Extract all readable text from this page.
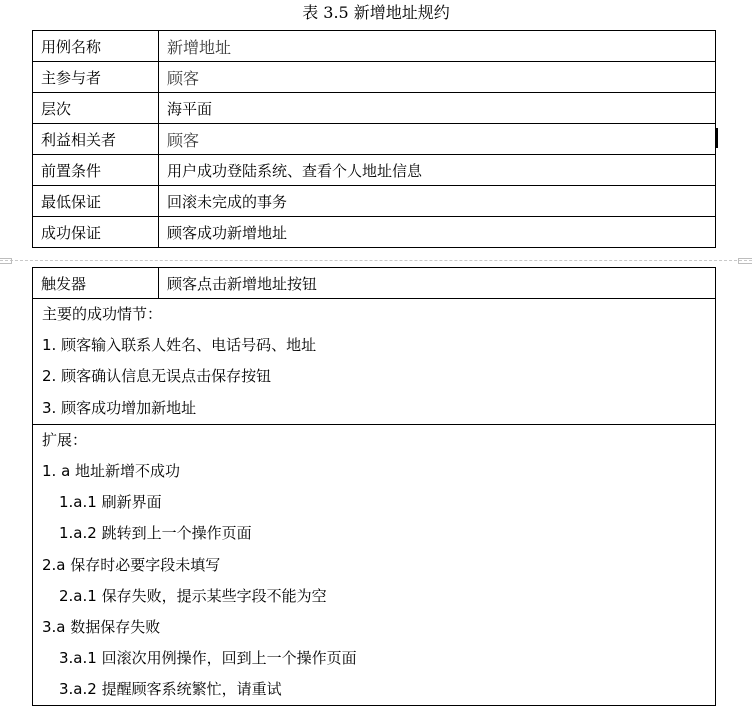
表 3.5 新增地址规约
用例名称	新增地址
主参与者	顾客
层次	海平面
利益相关者	顾客
前置条件	用户成功登陆系统、查看个人地址信息
最低保证	回滚未完成的事务
成功保证	顾客成功新增地址
触发器	顾客点击新增地址按钮

主要的成功情节：
1. 顾客输入联系人姓名、电话号码、地址
2. 顾客确认信息无误点击保存按钮
3. 顾客成功增加新地址

扩展：
1. a 地址新增不成功
1.a.1 刷新界面
1.a.2 跳转到上一个操作页面
2.a 保存时必要字段未填写
2.a.1 保存失败，提示某些字段不能为空
3.a 数据保存失败
3.a.1 回滚次用例操作，回到上一个操作页面
3.a.2 提醒顾客系统繁忙，请重试
